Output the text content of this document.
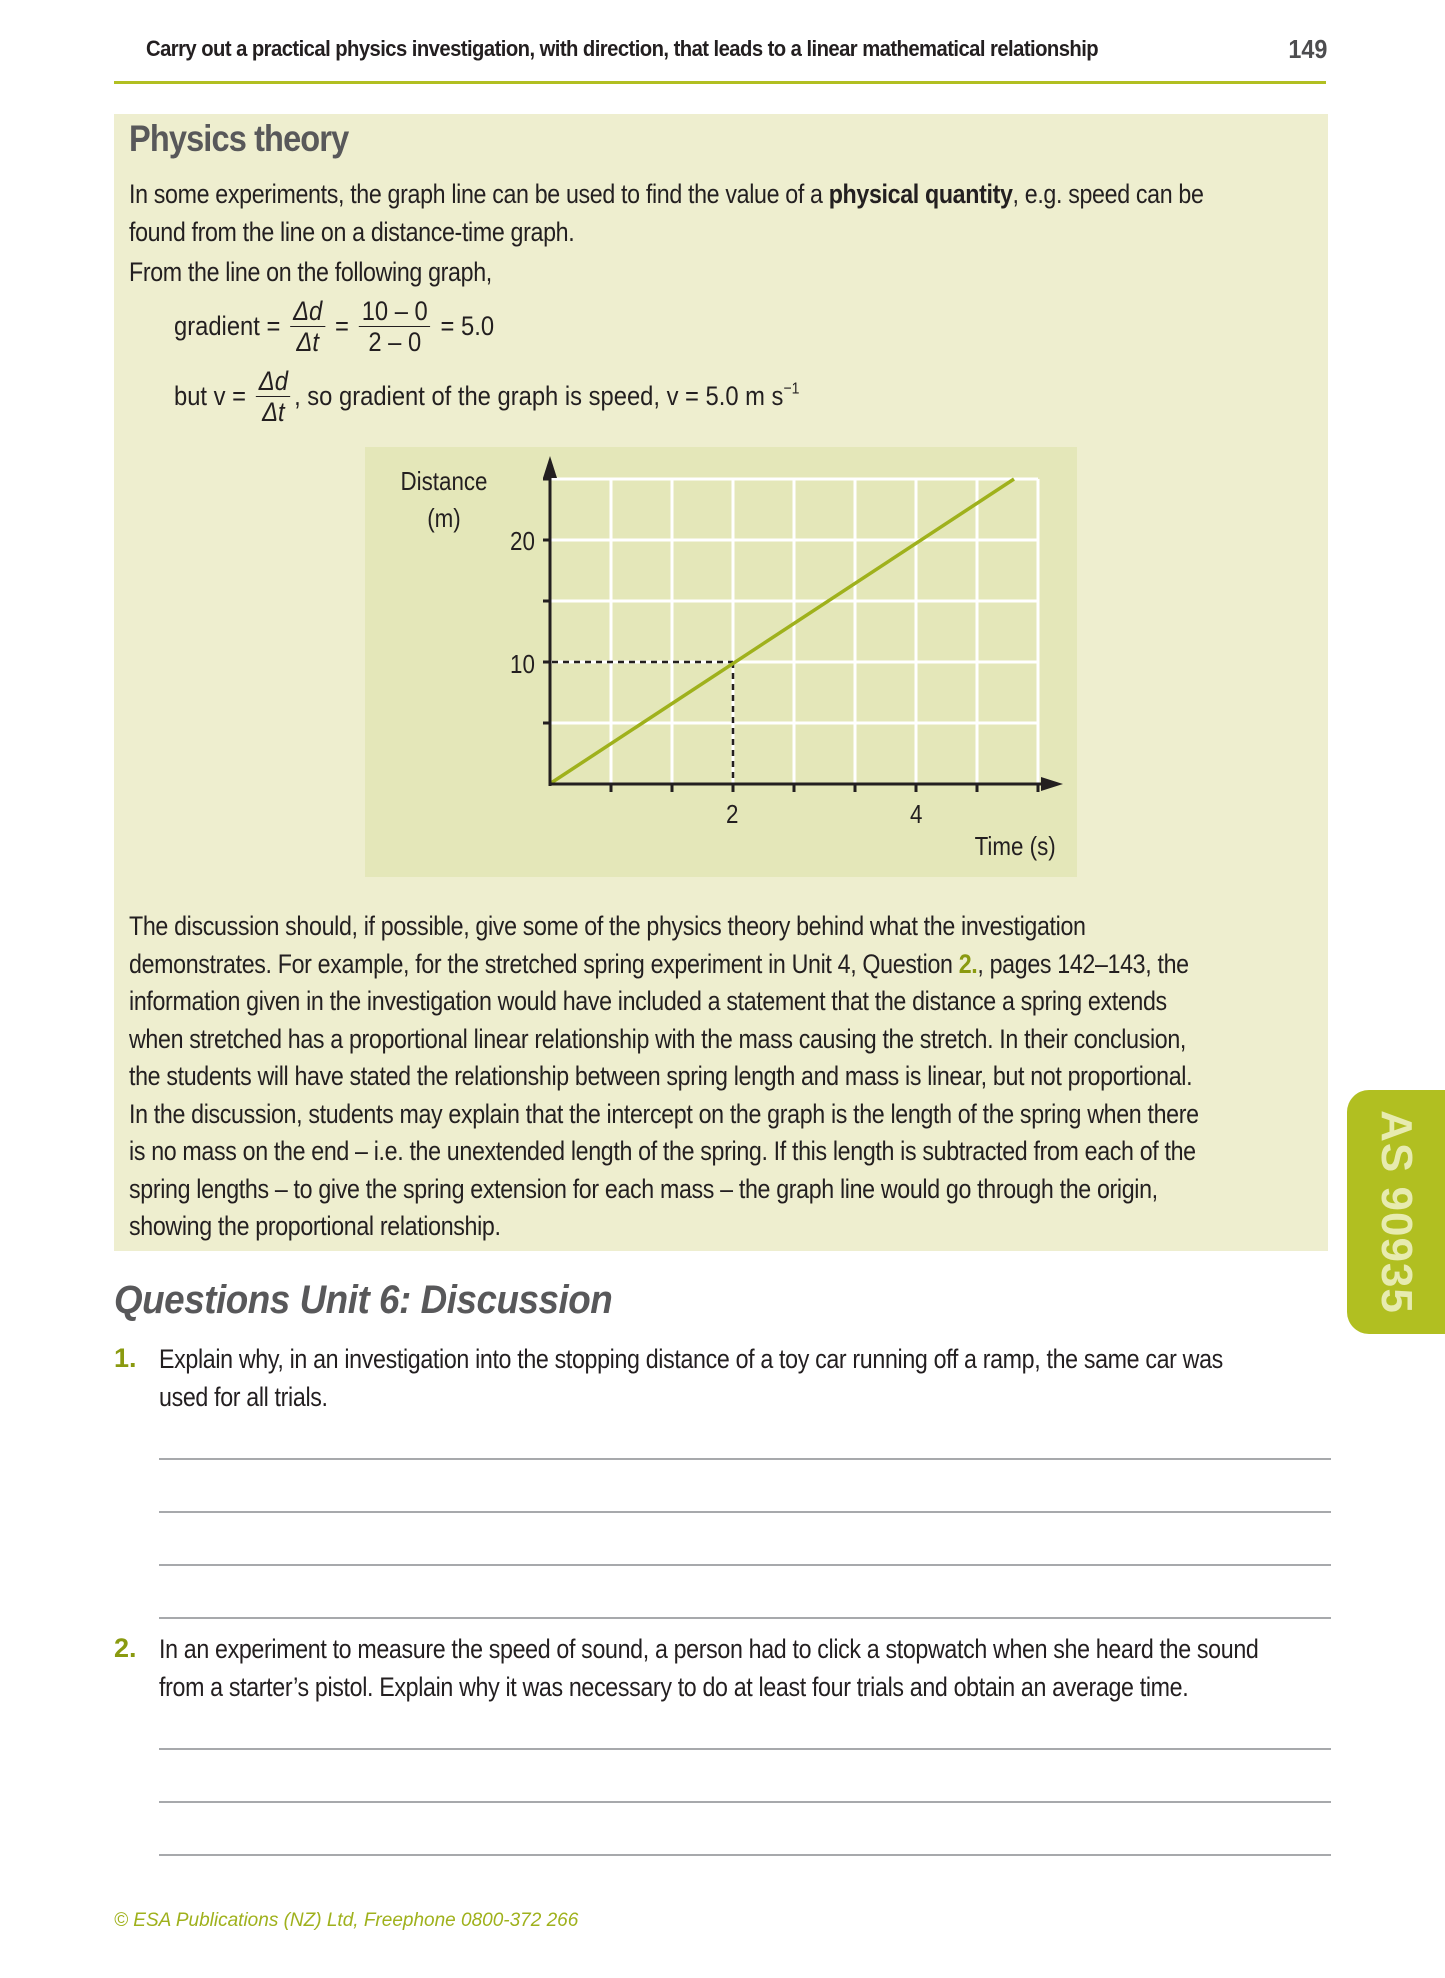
Carry out a practical physics investigation, with direction, that leads to a linear mathematical relationship	149
Physics theory
In some experiments, the graph line can be used to find the value of a physical quantity, e.g. speed can be
found from the line on a distance-time graph.
From the line on the following graph,
gradient = $\frac{\Delta d}{\Delta t} = \frac{10 - 0}{2 - 0} = 5.0$
but $v = \frac{\Delta d}{\Delta t}$ , so gradient of the graph is speed, v = 5.0 m $s^{-1}$
Distance
(m)
20
10
2	4
Time (s)
The discussion should, if possible, give some of the physics theory behind what the investigation
demonstrates. For example, for the stretched spring experiment in Unit 4, Question 2., pages 142–143, the
information given in the investigation would have included a statement that the distance a spring extends
when stretched has a proportional linear relationship with the mass causing the stretch. In their conclusion,
the students will have stated the relationship between spring length and mass is linear, but not proportional.
In the discussion, students may explain that the intercept on the graph is the length of the spring when there
is no mass on the end – i.e. the unextended length of the spring. If this length is subtracted from each of the
spring lengths – to give the spring extension for each mass – the graph line would go through the origin,
showing the proportional relationship.	AS 90935
Questions Unit 6: Discussion
1. Explain why, in an investigation into the stopping distance of a toy car running off a ramp, the same car was
used for all trials.
2. In an experiment to measure the speed of sound, a person had to click a stopwatch when she heard the sound
from a starter’s pistol. Explain why it was necessary to do at least four trials and obtain an average time.
© ESA Publications (NZ) Ltd, Freephone 0800-372 266
